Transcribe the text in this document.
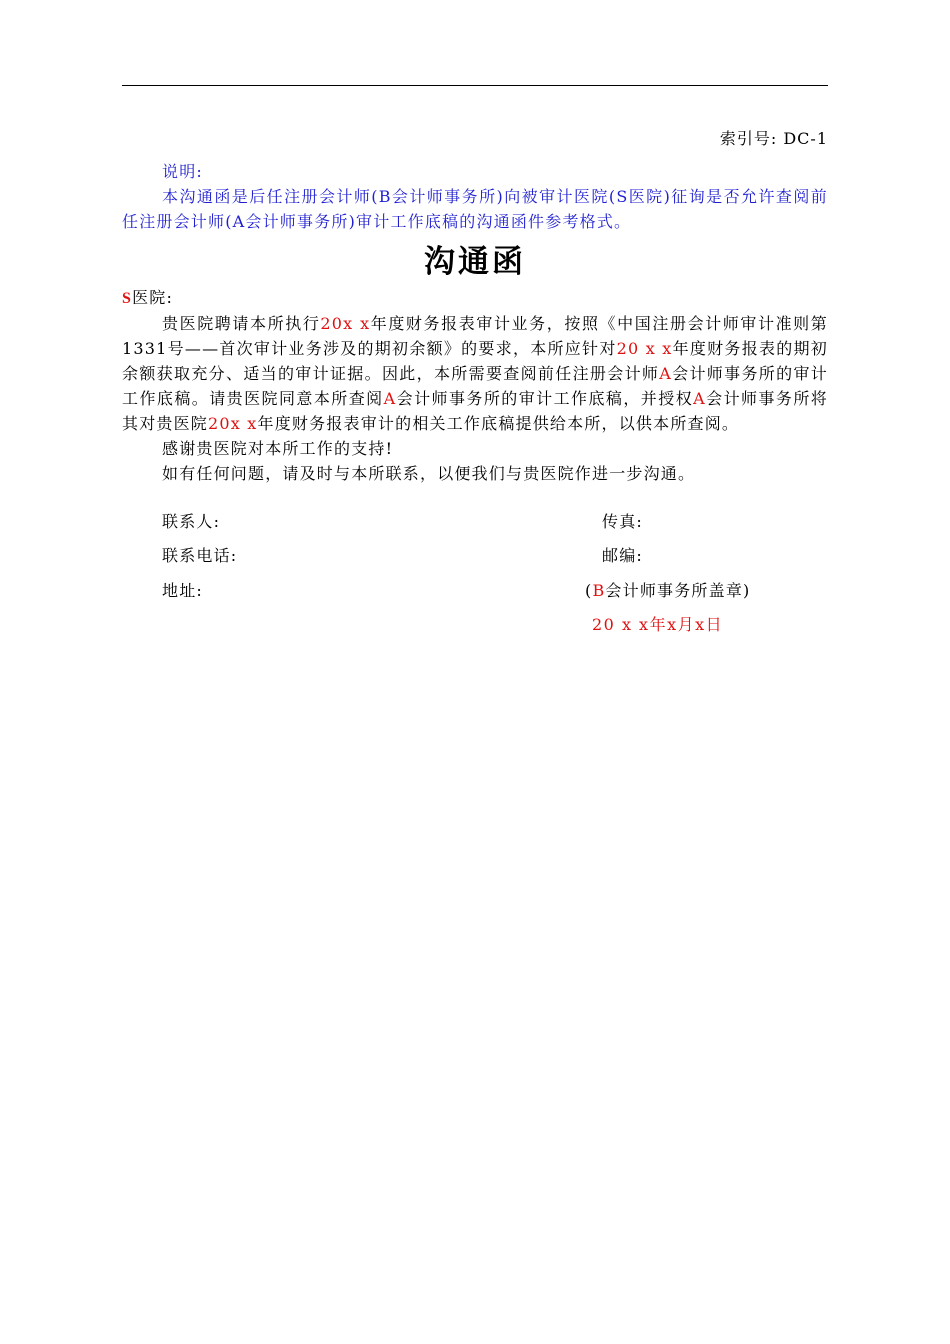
索引号: DC-1

说明:

本沟通函是后任注册会计师(B会计师事务所)向被审计医院(S医院)征询是否允许查阅前任注册会计师(A会计师事务所)审计工作底稿的沟通函件参考格式。

沟通函

S医院:

贵医院聘请本所执行20x x年度财务报表审计业务，按照《中国注册会计师审计准则第1331号——首次审计业务涉及的期初余额》的要求，本所应针对20 x x年度财务报表的期初余额获取充分、适当的审计证据。因此，本所需要查阅前任注册会计师A会计师事务所的审计工作底稿。请贵医院同意本所查阅A会计师事务所的审计工作底稿，并授权A会计师事务所将其对贵医院20x x年度财务报表审计的相关工作底稿提供给本所，以供本所查阅。

感谢贵医院对本所工作的支持!

如有任何问题，请及时与本所联系，以便我们与贵医院作进一步沟通。

联系人:	传真:
联系电话:	邮编:
地址:	(B会计师事务所盖章)
20 x x年x月x日
